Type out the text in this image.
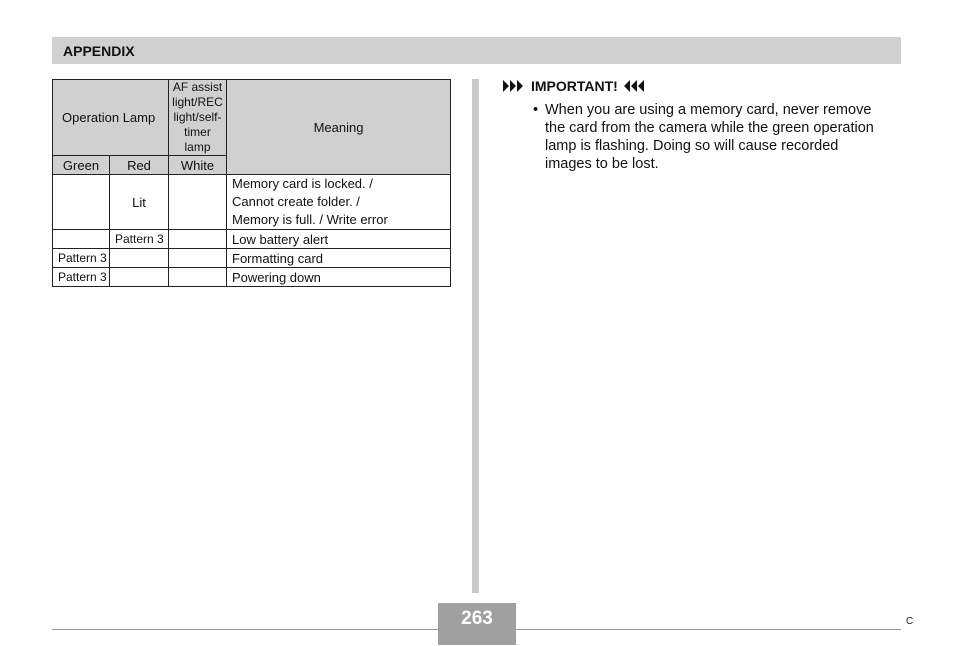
APPENDIX
Operation Lamp		AF assist
light/REC
light/self-
timer
lamp	Meaning
Green	Red	White	
	Lit		Memory card is locked. /
Cannot create folder. /
Memory is full. / Write error

	Pattern 3		Low battery alert
Pattern 3			Formatting card
Pattern 3			Powering down
IMPORTANT!
• When you are using a memory card, never remove
the card from the camera while the green operation
lamp is flashing. Doing so will cause recorded
images to be lost.
263	C
